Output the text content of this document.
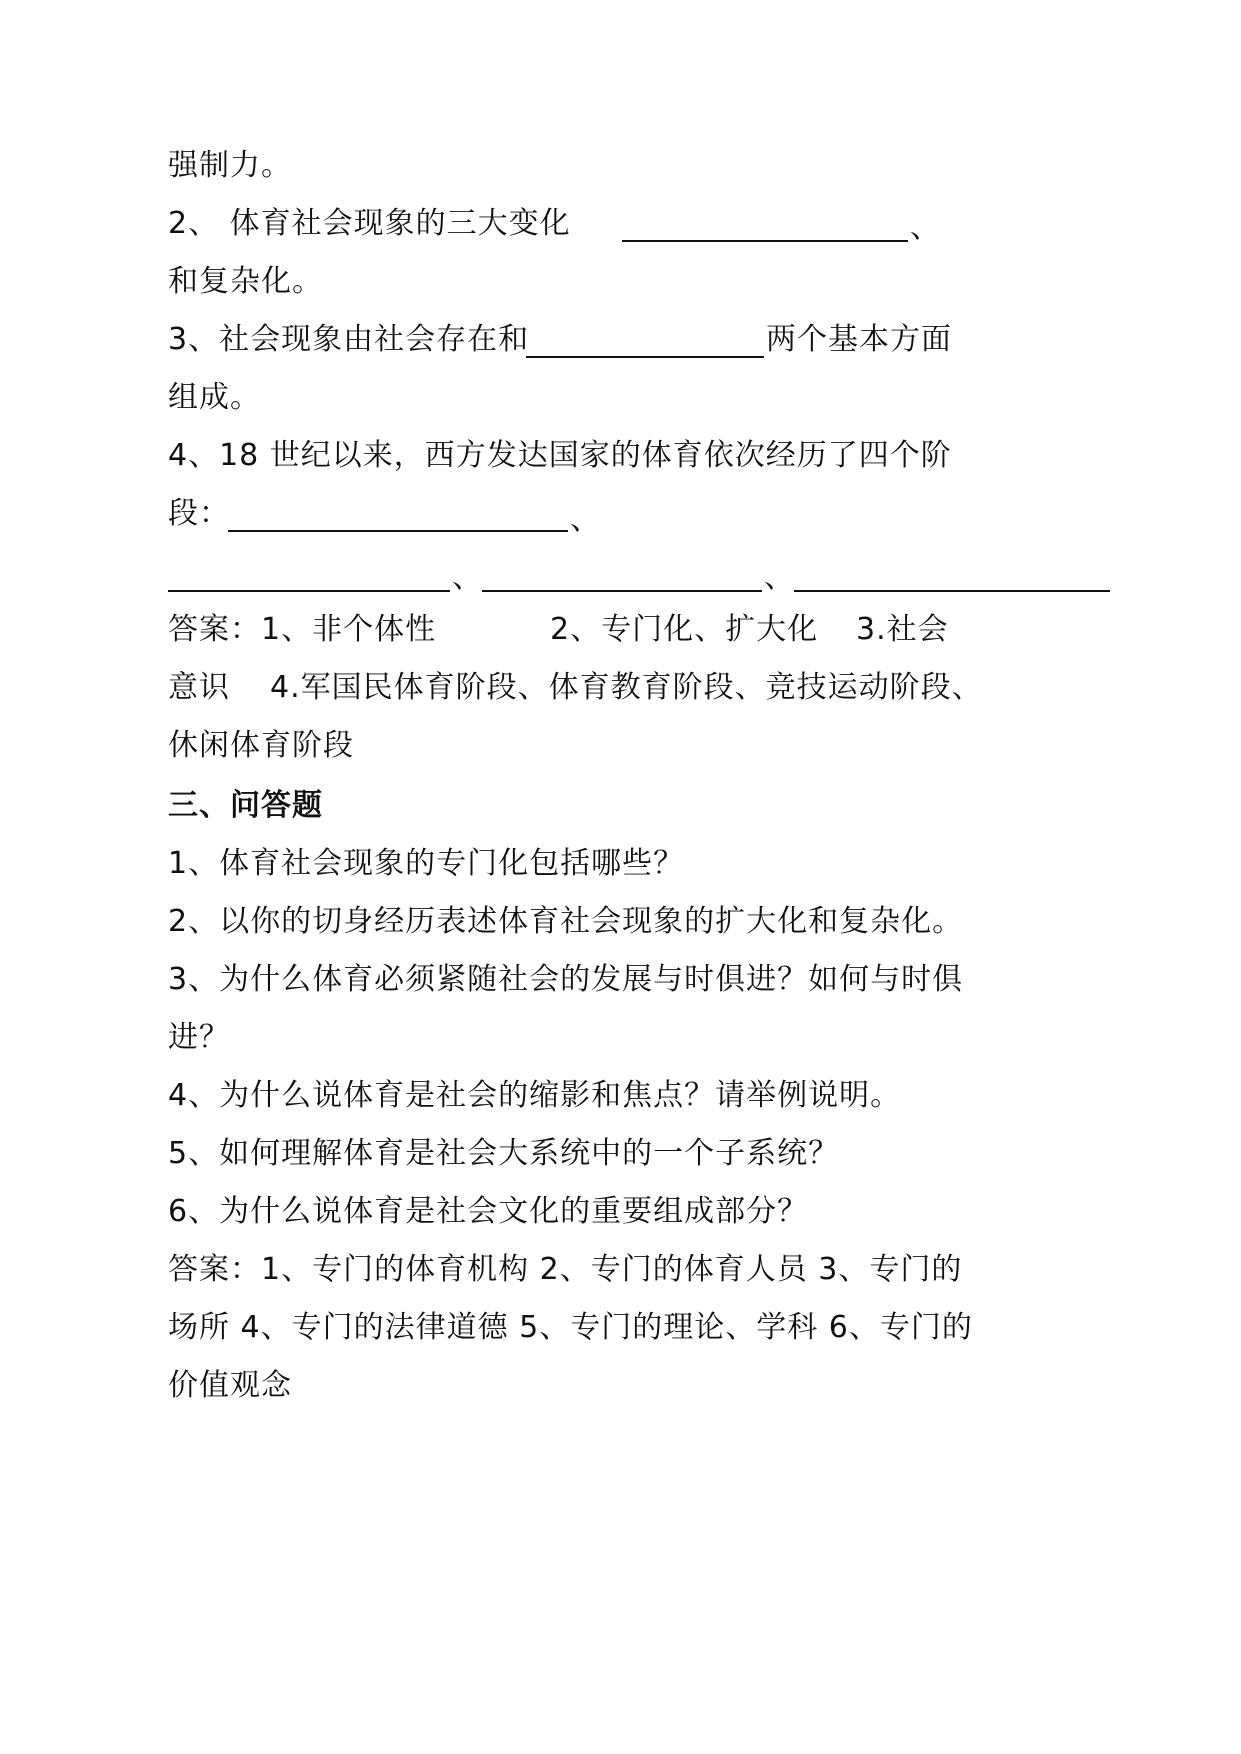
强制力。
2、 体育社会现象的三大变化	、
和复杂化。
3、社会现象由社会存在和	两个基本方面
组成。
4、18 世纪以来，西方发达国家的体育依次经历了四个阶
段：	、
、	、
答案：1、非个体性	2、专门化、扩大化 3.社会
意识 4.军国民体育阶段、体育教育阶段、竞技运动阶段、
休闲体育阶段
三、问答题
1、体育社会现象的专门化包括哪些？
2、以你的切身经历表述体育社会现象的扩大化和复杂化。
3、为什么体育必须紧随社会的发展与时俱进？如何与时俱
进？
4、为什么说体育是社会的缩影和焦点？请举例说明。
5、如何理解体育是社会大系统中的一个子系统？
6、为什么说体育是社会文化的重要组成部分？
答案：1、专门的体育机构 2、专门的体育人员 3、专门的
场所 4、专门的法律道德 5、专门的理论、学科 6、专门的
价值观念
